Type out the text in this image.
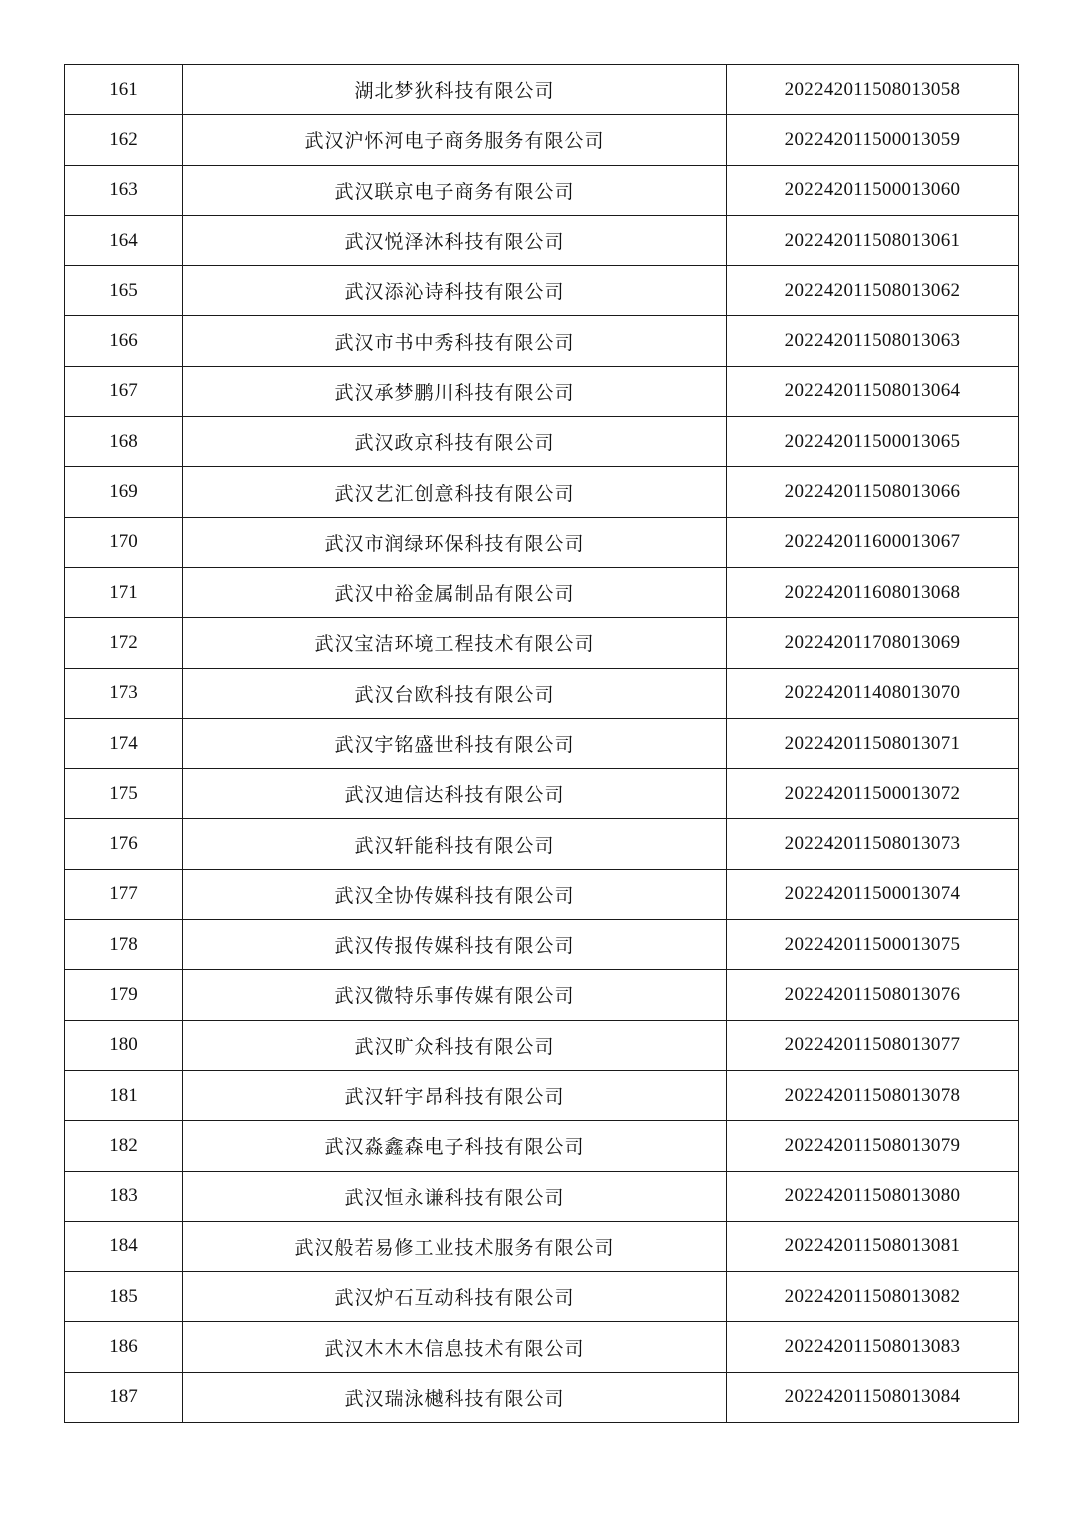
161	湖北梦狄科技有限公司	202242011508013058
162	武汉沪怀河电子商务服务有限公司	202242011500013059
163	武汉联京电子商务有限公司	202242011500013060
164	武汉悦泽沐科技有限公司	202242011508013061
165	武汉添沁诗科技有限公司	202242011508013062
166	武汉市书中秀科技有限公司	202242011508013063
167	武汉承梦鹏川科技有限公司	202242011508013064
168	武汉政京科技有限公司	202242011500013065
169	武汉艺汇创意科技有限公司	202242011508013066
170	武汉市润绿环保科技有限公司	202242011600013067
171	武汉中裕金属制品有限公司	202242011608013068
172	武汉宝洁环境工程技术有限公司	202242011708013069
173	武汉台欧科技有限公司	202242011408013070
174	武汉宇铭盛世科技有限公司	202242011508013071
175	武汉迪信达科技有限公司	202242011500013072
176	武汉轩能科技有限公司	202242011508013073
177	武汉全协传媒科技有限公司	202242011500013074
178	武汉传报传媒科技有限公司	202242011500013075
179	武汉微特乐事传媒有限公司	202242011508013076
180	武汉旷众科技有限公司	202242011508013077
181	武汉轩宇昂科技有限公司	202242011508013078
182	武汉淼鑫森电子科技有限公司	202242011508013079
183	武汉恒永谦科技有限公司	202242011508013080
184	武汉般若易修工业技术服务有限公司	202242011508013081
185	武汉炉石互动科技有限公司	202242011508013082
186	武汉木木木信息技术有限公司	202242011508013083
187	武汉瑞泳樾科技有限公司	202242011508013084
